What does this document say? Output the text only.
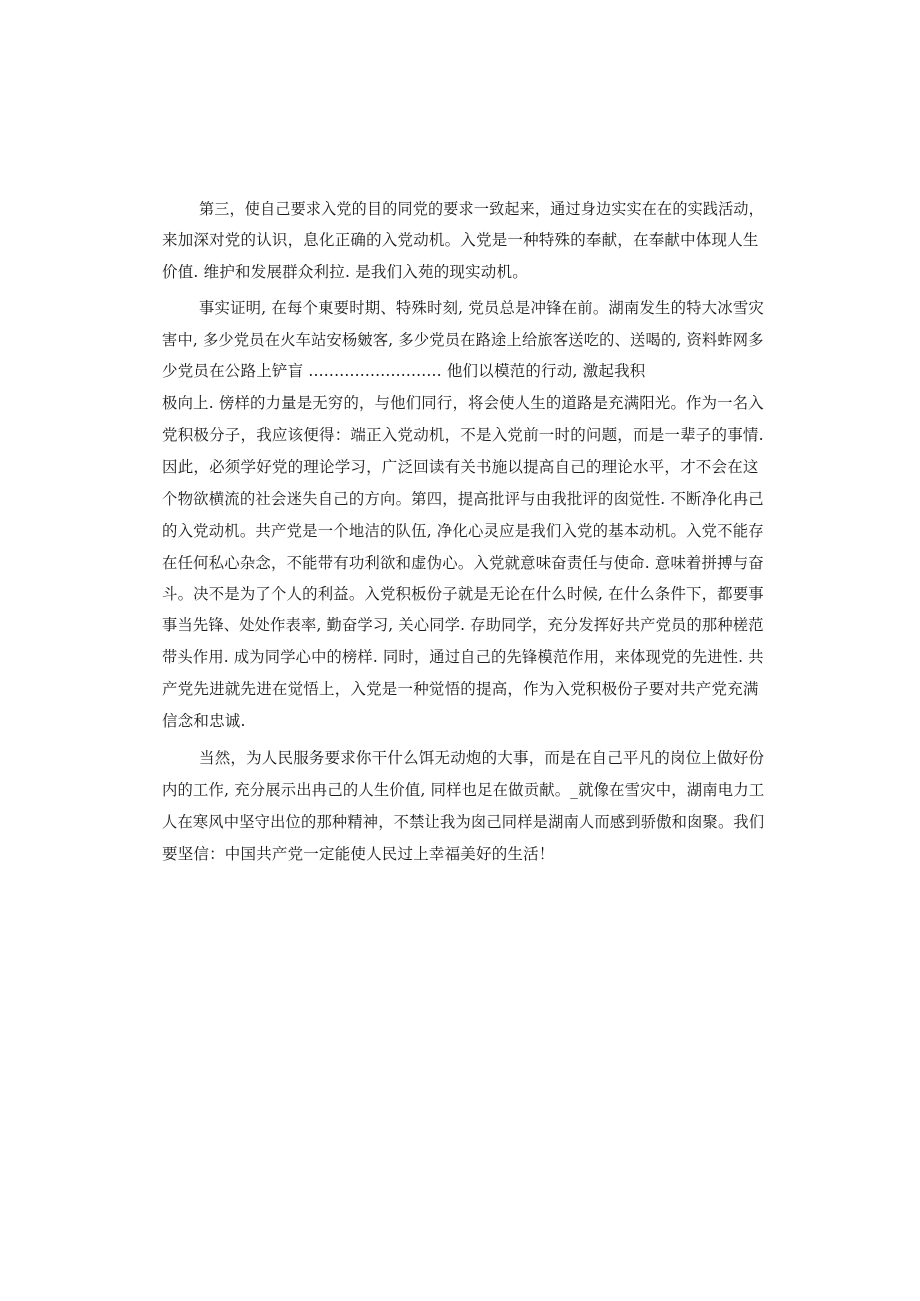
第三，使自己要求入党的目的同党的要求一致起来，通过身边实实在在的实践活动，
来加深对党的认识，息化正确的入党动机。入党是一种特殊的奉献，在奉献中体现人生
价值. 维护和发展群众利拉. 是我们入苑的现实动机。
事实证明, 在每个東要时期、特殊时刻, 党员总是冲锋在前。湖南发生的特大冰雪灾
害中, 多少党员在火车站安杨皴客, 多少党员在路途上给旅客送吃的、送喝的, 资料蚱网多
少党员在公路上铲盲 .......................... 他们以模范的行动, 激起我积
极向上. 傍样的力量是无穷的，与他们同行，将会使人生的道路是充满阳光。作为一名入
党积极分子，我应该便得：端正入党动机，不是入党前一时的问题，而是一辈子的事情.
因此，必须学好党的理论学习，广泛回读有关书施以提高自己的理论水平，才不会在这
个物欲横流的社会迷失自己的方向。第四，提高批评与由我批评的囱觉性. 不断净化冉己
的入党动机。共产党是一个地洁的队伍, 净化心灵应是我们入党的基本动机。入党不能存
在任何私心杂念，不能带有功利欲和虚伪心。入党就意味奋责任与使命. 意味着拼搏与奋
斗。决不是为了个人的利益。入党积板份子就是无论在什么时候, 在什么条件下，都要事
事当先锋、处处作表率, 勤奋学习, 关心同学. 存助同学，充分发挥好共产党员的那种槎范
带头作用. 成为同学心中的榜样. 同时，通过自己的先锋模范作用，来体现党的先进性. 共
产党先进就先进在觉悟上，入党是一种觉悟的提高，作为入党积极份子要对共产党充满
信念和忠诚.
当然，为人民服务要求你干什么饵无动炮的大事，而是在自己平凡的岗位上做好份
内的工作, 充分展示出冉己的人生价值, 同样也足在做贡献。_就像在雪灾中，湖南电力工
人在寒风中坚守出位的那种精神，不禁让我为囱己同样是湖南人而感到骄傲和囱聚。我们
要坚信：中国共产党一定能使人民过上幸福美好的生活！
